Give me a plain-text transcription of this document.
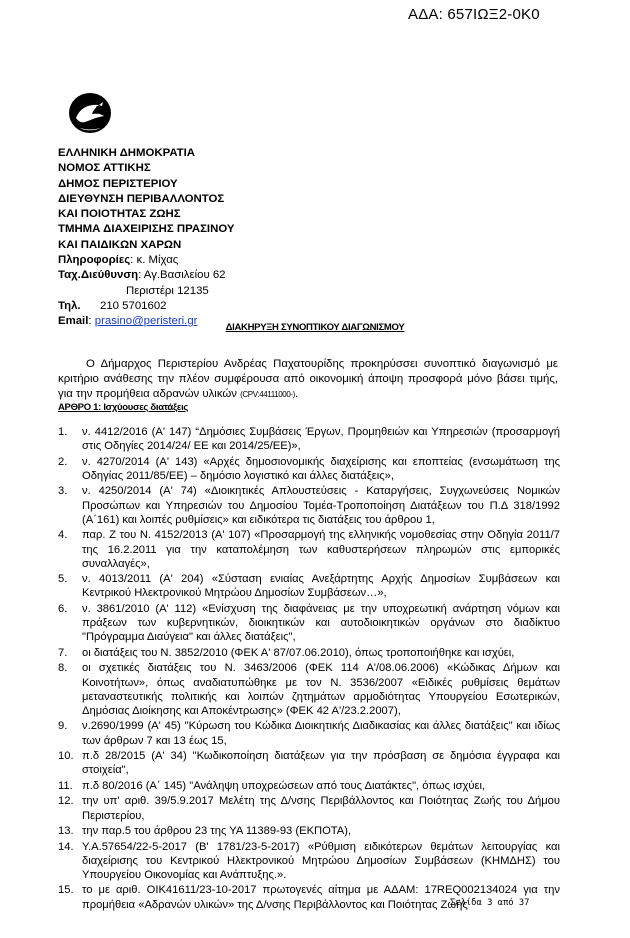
ΑΔΑ: 657ΙΩΞ2-0Κ0
ΕΛΛΗΝΙΚΗ ΔΗΜΟΚΡΑΤΙΑ
ΝΟΜΟΣ ΑΤΤΙΚΗΣ
ΔΗΜΟΣ ΠΕΡΙΣΤΕΡΙΟΥ
ΔΙΕΥΘΥΝΣΗ ΠΕΡΙΒΑΛΛΟΝΤΟΣ
ΚΑΙ ΠΟΙΟΤΗΤΑΣ ΖΩΗΣ
ΤΜΗΜΑ ΔΙΑΧΕΙΡΙΣΗΣ ΠΡΑΣΙΝΟΥ
ΚΑΙ ΠΑΙΔΙΚΩΝ ΧΑΡΩΝ
Πληροφορίες: κ. Μίχας
Ταχ.Διεύθυνση: Αγ.Βασιλείου 62
Περιστέρι 12135
Τηλ. 210 5701602
Email: prasino@peristeri.gr
ΔΙΑΚΗΡΥΞΗ ΣΥΝΟΠΤΙΚΟΥ ΔΙΑΓΩΝΙΣΜΟΥ

Ο Δήμαρχος Περιστερίου Ανδρέας Παχατουρίδης προκηρύσσει συνοπτικό διαγωνισμό με κριτήριο ανάθεσης την πλέον συμφέρουσα από οικονομική άποψη προσφορά μόνο βάσει τιμής, για την προμήθεια αδρανών υλικών (CPV:44111000-).

ΑΡΘΡΟ 1: Ισχύουσες διατάξεις
1.	ν. 4412/2016 (Α' 147) “Δημόσιες Συμβάσεις Έργων, Προμηθειών και Υπηρεσιών (προσαρμογή στις Οδηγίες 2014/24/ ΕΕ και 2014/25/ΕΕ)»,
2.	ν. 4270/2014 (Α' 143) «Αρχές δημοσιονομικής διαχείρισης και εποπτείας (ενσωμάτωση της Οδηγίας 2011/85/ΕΕ) – δημόσιο λογιστικό και άλλες διατάξεις»,
3.	ν. 4250/2014 (Α' 74) «Διοικητικές Απλουστεύσεις - Καταργήσεις, Συγχωνεύσεις Νομικών Προσώπων και Υπηρεσιών του Δημοσίου Τομέα-Τροποποίηση Διατάξεων του Π.Δ 318/1992 (Α΄161) και λοιπές ρυθμίσεις» και ειδικότερα τις διατάξεις του άρθρου 1,
4.	παρ. Ζ του Ν. 4152/2013 (Α' 107) «Προσαρμογή της ελληνικής νομοθεσίας στην Οδηγία 2011/7 της 16.2.2011 για την καταπολέμηση των καθυστερήσεων πληρωμών στις εμπορικές συναλλαγές»,
5.	ν. 4013/2011 (Α' 204) «Σύσταση ενιαίας Ανεξάρτητης Αρχής Δημοσίων Συμβάσεων και Κεντρικού Ηλεκτρονικού Μητρώου Δημοσίων Συμβάσεων…»,
6.	ν. 3861/2010 (Α' 112) «Ενίσχυση της διαφάνειας με την υποχρεωτική ανάρτηση νόμων και πράξεων των κυβερνητικών, διοικητικών και αυτοδιοικητικών οργάνων στο διαδίκτυο "Πρόγραμμα Διαύγεια" και άλλες διατάξεις",
7.	οι διατάξεις του Ν. 3852/2010 (ΦΕΚ Α' 87/07.06.2010), όπως τροποποιήθηκε και ισχύει,
8.	οι σχετικές διατάξεις του Ν. 3463/2006 (ΦΕΚ 114 Α'/08.06.2006) «Κώδικας Δήμων και Κοινοτήτων», όπως αναδιατυπώθηκε με τον Ν. 3536/2007 «Ειδικές ρυθμίσεις θεμάτων μεταναστευτικής πολιτικής και λοιπών ζητημάτων αρμοδιότητας Υπουργείου Εσωτερικών, Δημόσιας Διοίκησης και Αποκέντρωσης» (ΦΕΚ 42 Α'/23.2.2007),
9.	ν.2690/1999 (Α' 45) "Κύρωση του Κώδικα Διοικητικής Διαδικασίας και άλλες διατάξεις" και ιδίως των άρθρων 7 και 13 έως 15,
10. π.δ 28/2015 (Α' 34) "Κωδικοποίηση διατάξεων για την πρόσβαση σε δημόσια έγγραφα και στοιχεία",
11. π.δ 80/2016 (Α΄ 145) "Ανάληψη υποχρεώσεων από τους Διατάκτες", όπως ισχύει,
12. την υπ' αριθ. 39/5.9.2017 Μελέτη της Δ/νσης Περιβάλλοντος και Ποιότητας Ζωής του Δήμου Περιστερίου,
13. την παρ.5 του άρθρου 23 της ΥΑ 11389-93 (ΕΚΠΟΤΑ),
14. Υ.Α.57654/22-5-2017 (Β' 1781/23-5-2017) «Ρύθμιση ειδικότερων θεμάτων λειτουργίας και διαχείρισης του Κεντρικού Ηλεκτρονικού Μητρώου Δημοσίων Συμβάσεων (ΚΗΜΔΗΣ) του Υπουργείου Οικονομίας και Ανάπτυξης.».
15. το με αριθ. ΟΙΚ41611/23-10-2017 πρωτογενές αίτημα με ΑΔΑΜ: 17REQ002134024 για την προμήθεια «Αδρανών υλικών» της Δ/νσης Περιβάλλοντος και Ποιότητας Ζωής
Σελίδα 3 από 37
